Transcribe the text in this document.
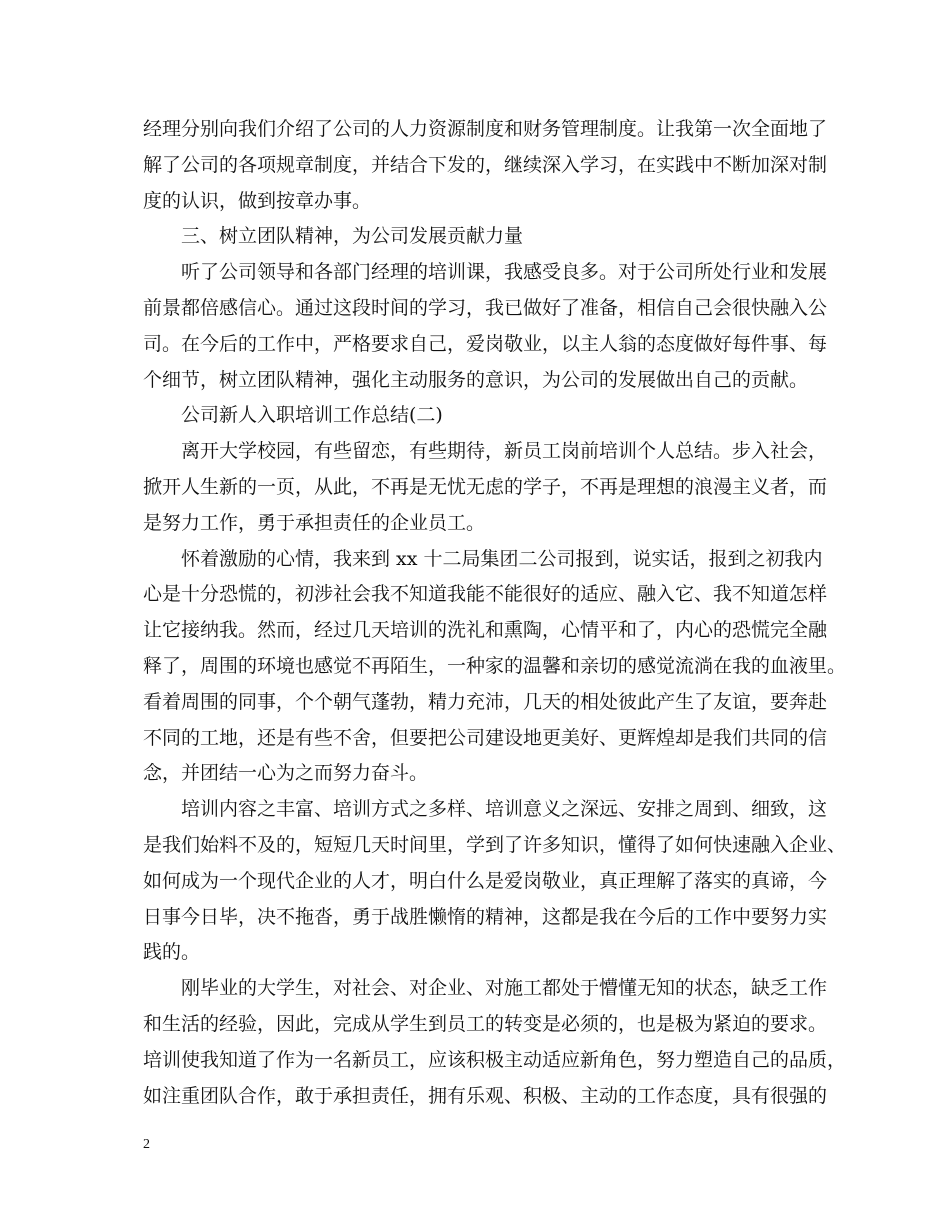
经理分别向我们介绍了公司的人力资源制度和财务管理制度。让我第一次全面地了
解了公司的各项规章制度，并结合下发的，继续深入学习，在实践中不断加深对制
度的认识，做到按章办事。
三、树立团队精神，为公司发展贡献力量
听了公司领导和各部门经理的培训课，我感受良多。对于公司所处行业和发展
前景都倍感信心。通过这段时间的学习，我已做好了准备，相信自己会很快融入公
司。在今后的工作中，严格要求自己，爱岗敬业，以主人翁的态度做好每件事、每
个细节，树立团队精神，强化主动服务的意识，为公司的发展做出自己的贡献。
公司新人入职培训工作总结(二)
离开大学校园，有些留恋，有些期待，新员工岗前培训个人总结。步入社会，
掀开人生新的一页，从此，不再是无忧无虑的学子，不再是理想的浪漫主义者，而
是努力工作，勇于承担责任的企业员工。
怀着激励的心情，我来到 xx 十二局集团二公司报到，说实话，报到之初我内
心是十分恐慌的，初涉社会我不知道我能不能很好的适应、融入它、我不知道怎样
让它接纳我。然而，经过几天培训的洗礼和熏陶，心情平和了，内心的恐慌完全融
释了，周围的环境也感觉不再陌生，一种家的温馨和亲切的感觉流淌在我的血液里。
看着周围的同事，个个朝气蓬勃，精力充沛，几天的相处彼此产生了友谊，要奔赴
不同的工地，还是有些不舍，但要把公司建设地更美好、更辉煌却是我们共同的信
念，并团结一心为之而努力奋斗。
培训内容之丰富、培训方式之多样、培训意义之深远、安排之周到、细致，这
是我们始料不及的，短短几天时间里，学到了许多知识，懂得了如何快速融入企业、
如何成为一个现代企业的人才，明白什么是爱岗敬业，真正理解了落实的真谛，今
日事今日毕，决不拖沓，勇于战胜懒惰的精神，这都是我在今后的工作中要努力实
践的。
刚毕业的大学生，对社会、对企业、对施工都处于懵懂无知的状态，缺乏工作
和生活的经验，因此，完成从学生到员工的转变是必须的，也是极为紧迫的要求。
培训使我知道了作为一名新员工，应该积极主动适应新角色，努力塑造自己的品质，
如注重团队合作，敢于承担责任，拥有乐观、积极、主动的工作态度，具有很强的
2
